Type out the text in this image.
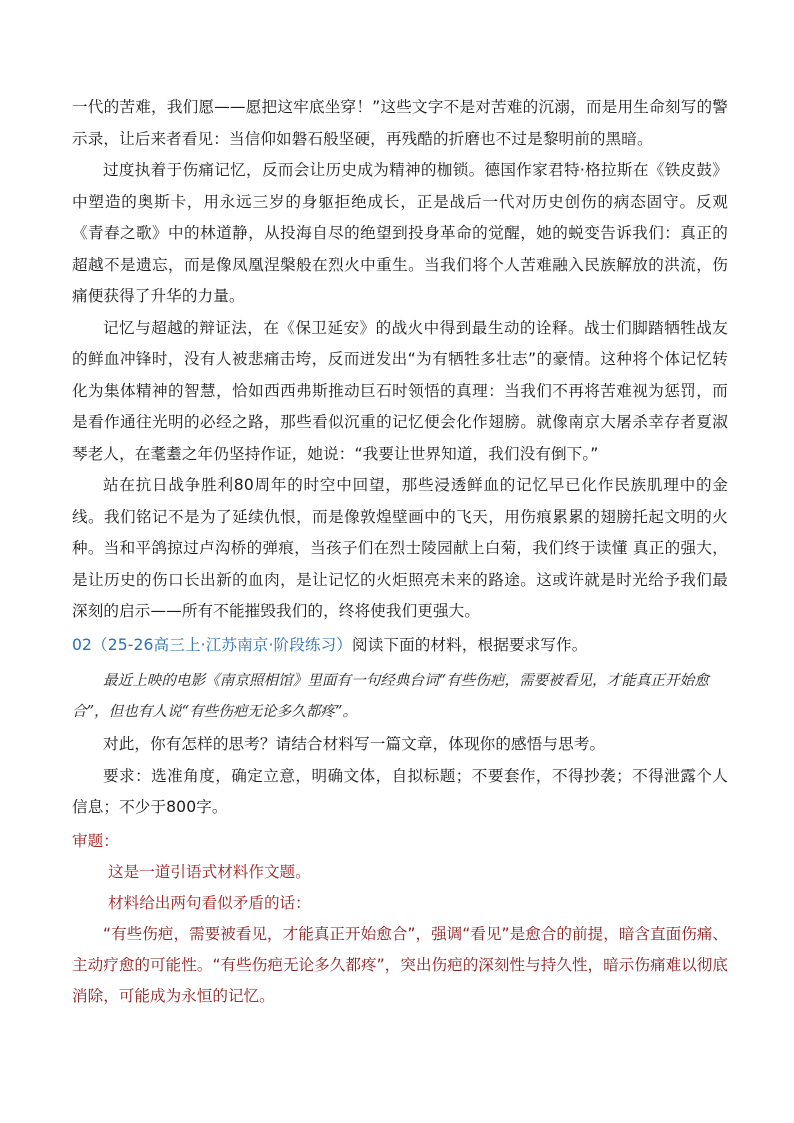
一代的苦难，我们愿——愿把这牢底坐穿！”这些文字不是对苦难的沉溺，而是用生命刻写的警示录，让后来者看见：当信仰如磐石般坚硬，再残酷的折磨也不过是黎明前的黑暗。

过度执着于伤痛记忆，反而会让历史成为精神的枷锁。德国作家君特·格拉斯在《铁皮鼓》中塑造的奥斯卡，用永远三岁的身躯拒绝成长，正是战后一代对历史创伤的病态固守。反观《青春之歌》中的林道静，从投海自尽的绝望到投身革命的觉醒，她的蜕变告诉我们：真正的超越不是遗忘，而是像凤凰涅槃般在烈火中重生。当我们将个人苦难融入民族解放的洪流，伤痛便获得了升华的力量。

记忆与超越的辩证法，在《保卫延安》的战火中得到最生动的诠释。战士们脚踏牺牲战友的鲜血冲锋时，没有人被悲痛击垮，反而迸发出“为有牺牲多壮志”的豪情。这种将个体记忆转化为集体精神的智慧，恰如西西弗斯推动巨石时领悟的真理：当我们不再将苦难视为惩罚，而是看作通往光明的必经之路，那些看似沉重的记忆便会化作翅膀。就像南京大屠杀幸存者夏淑琴老人，在耄耋之年仍坚持作证，她说：“我要让世界知道，我们没有倒下。”

站在抗日战争胜利80周年的时空中回望，那些浸透鲜血的记忆早已化作民族肌理中的金线。我们铭记不是为了延续仇恨，而是像敦煌壁画中的飞天，用伤痕累累的翅膀托起文明的火种。当和平鸽掠过卢沟桥的弹痕，当孩子们在烈士陵园献上白菊，我们终于读懂 真正的强大，是让历史的伤口长出新的血肉，是让记忆的火炬照亮未来的路途。这或许就是时光给予我们最深刻的启示——所有不能摧毁我们的，终将使我们更强大。

02（25-26高三上·江苏南京·阶段练习）阅读下面的材料，根据要求写作。

最近上映的电影《南京照相馆》里面有一句经典台词“有些伤疤，需要被看见，才能真正开始愈合”，但也有人说“有些伤疤无论多久都疼”。

对此，你有怎样的思考？请结合材料写一篇文章，体现你的感悟与思考。

要求：选准角度，确定立意，明确文体，自拟标题；不要套作，不得抄袭；不得泄露个人信息；不少于800字。

审题：

这是一道引语式材料作文题。

材料给出两句看似矛盾的话：

“有些伤疤，需要被看见，才能真正开始愈合”，强调“看见”是愈合的前提，暗含直面伤痛、主动疗愈的可能性。“有些伤疤无论多久都疼”，突出伤疤的深刻性与持久性，暗示伤痛难以彻底消除，可能成为永恒的记忆。
